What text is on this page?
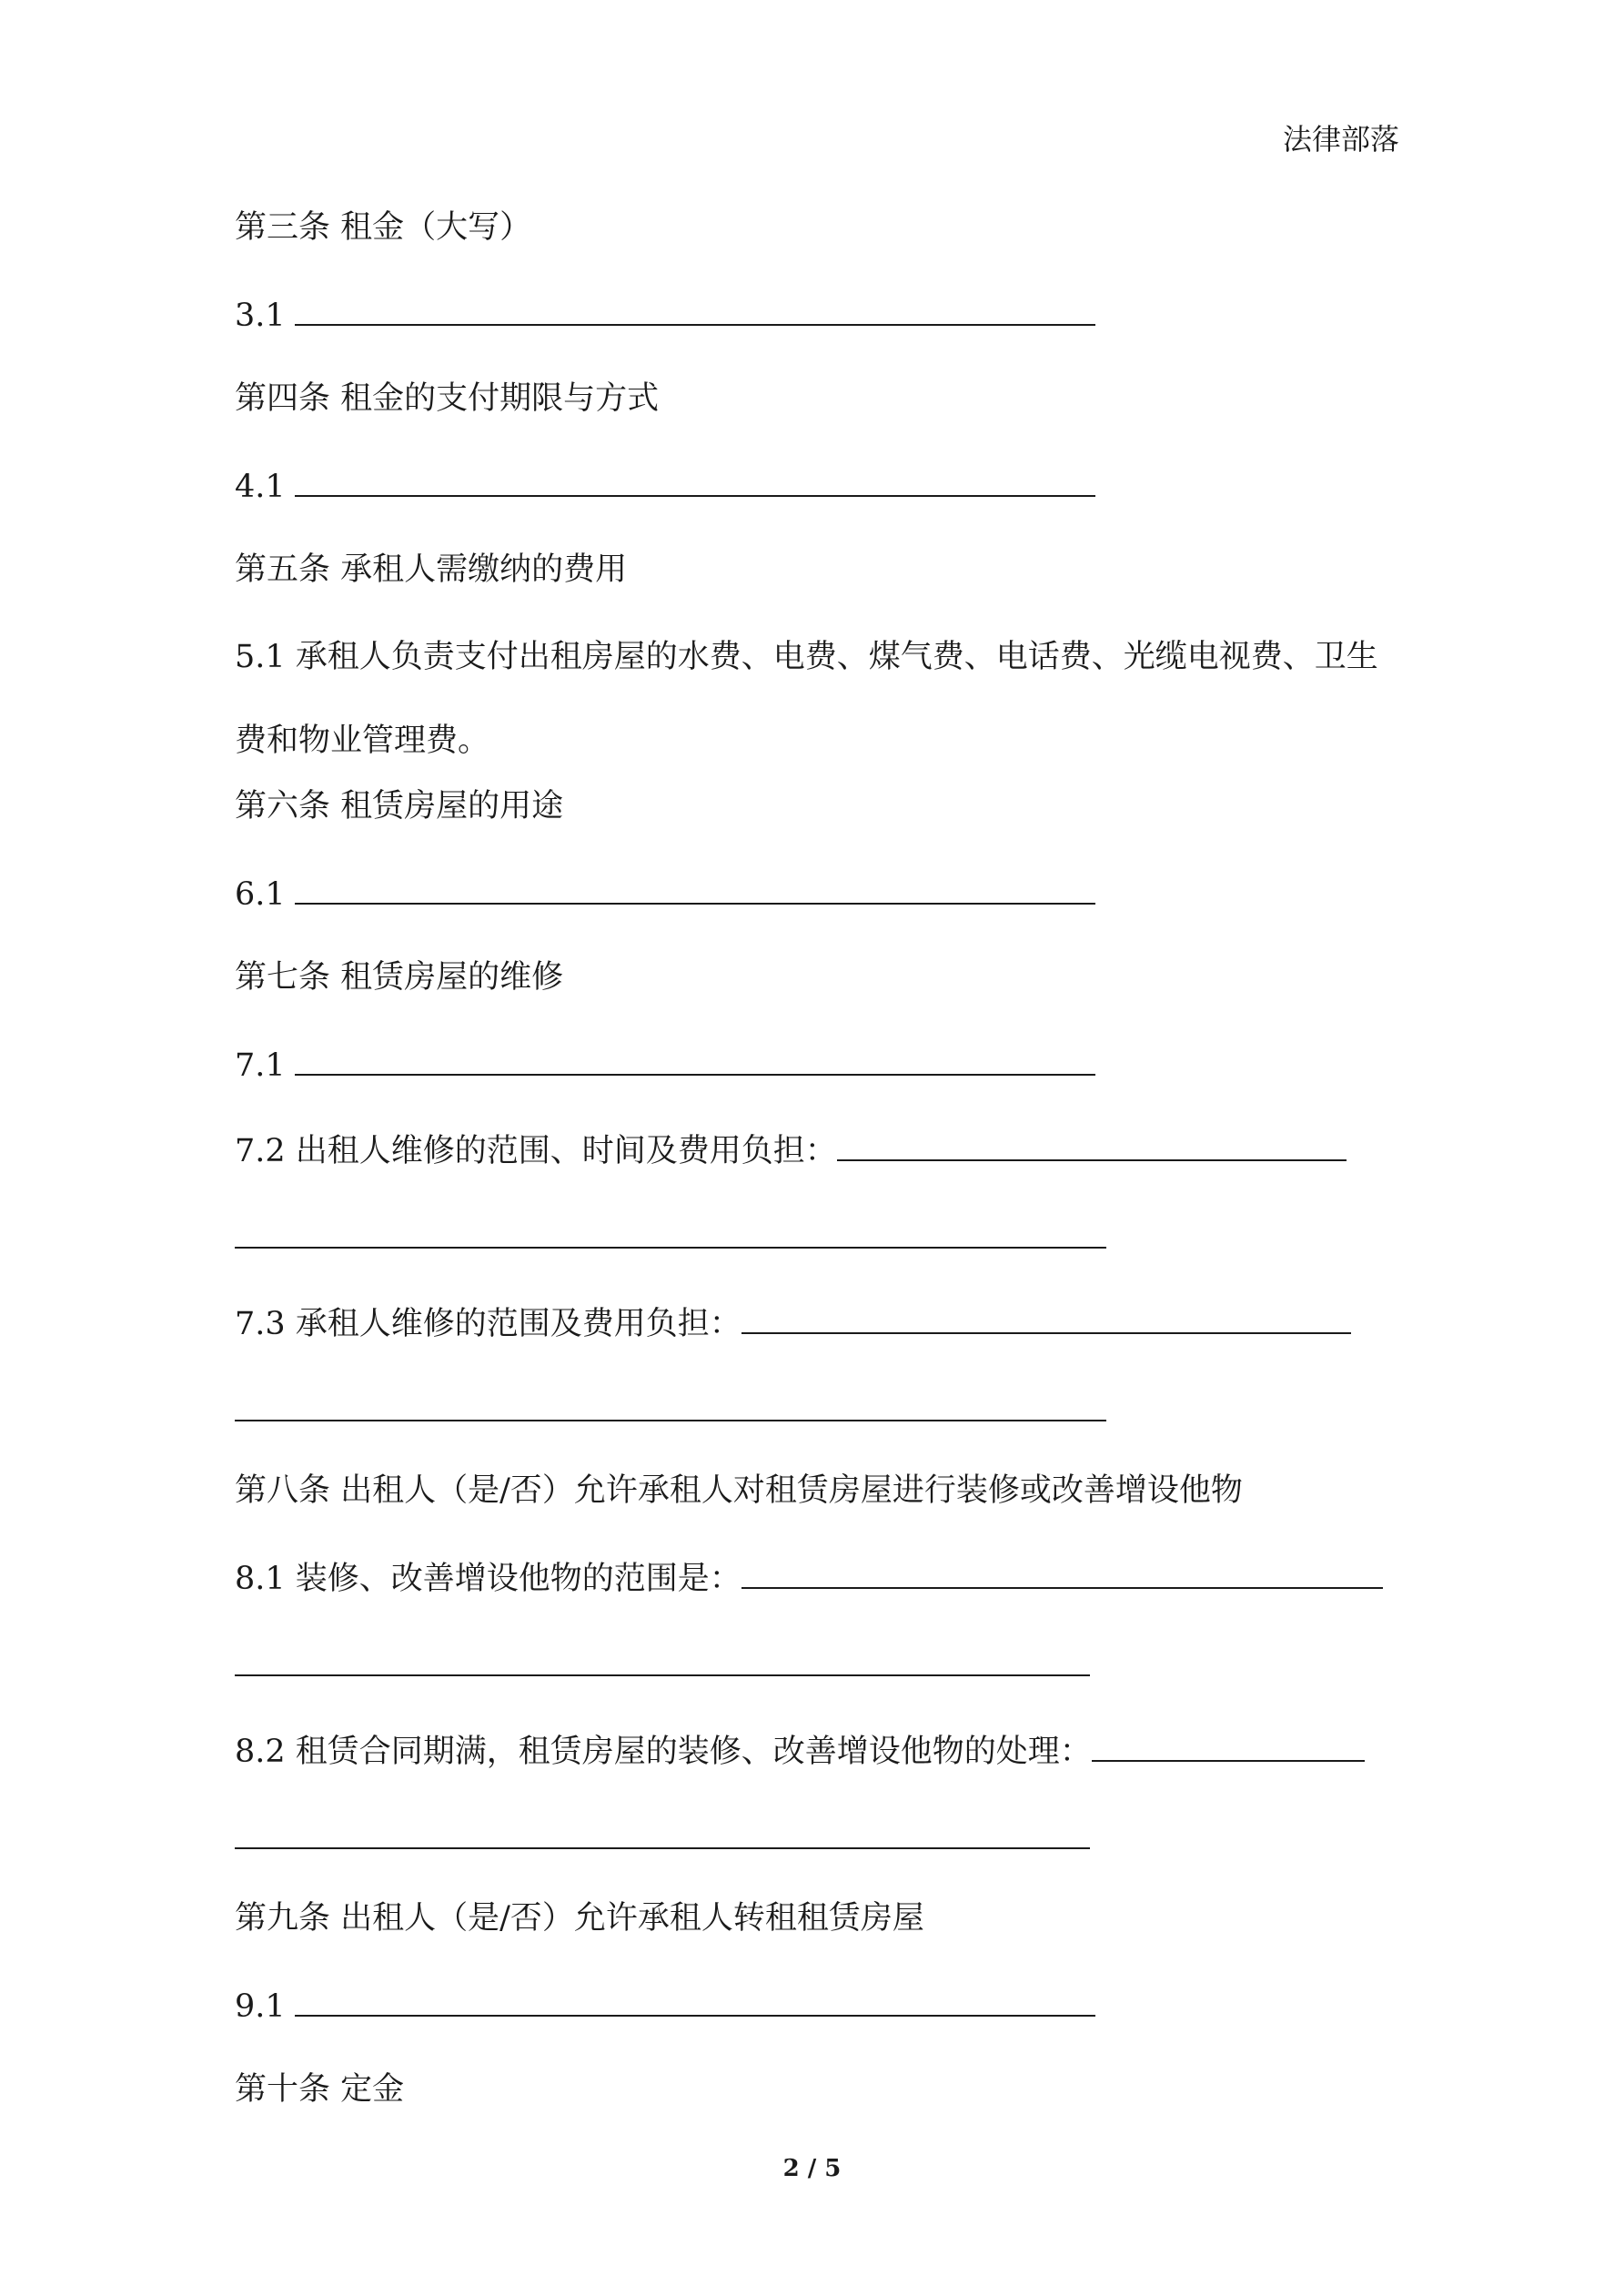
法律部落
第三条 租金（大写）
3.1
第四条 租金的支付期限与方式
4.1
第五条 承租人需缴纳的费用
5.1 承租人负责支付出租房屋的水费、电费、煤气费、电话费、光缆电视费、卫生费和物业管理费。
第六条 租赁房屋的用途
6.1
第七条 租赁房屋的维修
7.1
7.2 出租人维修的范围、时间及费用负担：
7.3 承租人维修的范围及费用负担：
第八条 出租人（是/否）允许承租人对租赁房屋进行装修或改善增设他物
8.1 装修、改善增设他物的范围是：
8.2 租赁合同期满，租赁房屋的装修、改善增设他物的处理：
第九条 出租人（是/否）允许承租人转租租赁房屋
9.1
第十条 定金
2 / 5
